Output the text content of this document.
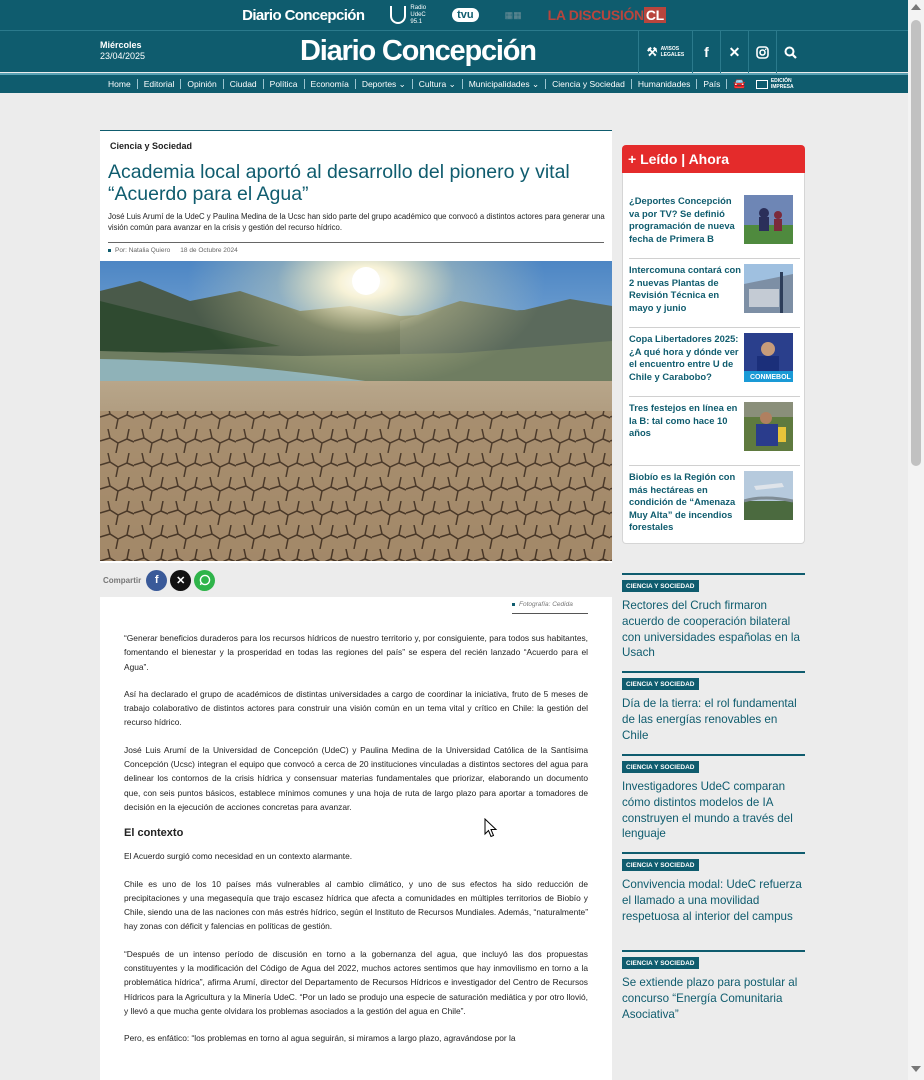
Diario Concepción	Radio
UdeC
95.1
tvu	▦▦ LA DISCUSIÓN CL
Miércoles
23/04/2025	Diario Concepción	⚒ AVISOS
LEGALES	f	✕
Home	Editorial	Opinión	Ciudad	Política	Economía	Deportes ⌄	Cultura ⌄	Municipalidades ⌄	Ciencia y Sociedad	Humanidades	País	🚘	EDICIÓN
IMPRESA
Ciencia y Sociedad
Academia local aportó al desarrollo del pionero y vital “Acuerdo para el Agua”
José Luis Arumí de la UdeC y Paulina Medina de la Ucsc han sido parte del grupo académico que convocó a distintos actores para generar una visión común para avanzar en la crisis y gestión del recurso hídrico.
Por: Natalia Quiero 18 de Octubre 2024
Compartir	f	✕
Fotografía: Cedida

“Generar beneficios duraderos para los recursos hídricos de nuestro territorio y, por consiguiente, para todos sus habitantes, fomentando el bienestar y la prosperidad en todas las regiones del país” se espera del recién lanzado “Acuerdo para el Agua”.

Así ha declarado el grupo de académicos de distintas universidades a cargo de coordinar la iniciativa, fruto de 5 meses de trabajo colaborativo de distintos actores para construir una visión común en un tema vital y crítico en Chile: la gestión del recurso hídrico.

José Luis Arumí de la Universidad de Concepción (UdeC) y Paulina Medina de la Universidad Católica de la Santísima Concepción (Ucsc) integran el equipo que convocó a cerca de 20 instituciones vinculadas a distintos sectores del agua para delinear los contornos de la crisis hídrica y consensuar materias fundamentales que priorizar, elaborando un documento que, con seis puntos básicos, establece mínimos comunes y una hoja de ruta de largo plazo para aportar a tomadores de decisión en la ejecución de acciones concretas para avanzar.

El contexto

El Acuerdo surgió como necesidad en un contexto alarmante.

Chile es uno de los 10 países más vulnerables al cambio climático, y uno de sus efectos ha sido reducción de precipitaciones y una megasequía que trajo escasez hídrica que afecta a comunidades en múltiples territorios de Biobío y Chile, siendo una de las naciones con más estrés hídrico, según el Instituto de Recursos Mundiales. Además, “naturalmente” hay zonas con déficit y falencias en políticas de gestión.

“Después de un intenso período de discusión en torno a la gobernanza del agua, que incluyó las dos propuestas constituyentes y la modificación del Código de Agua del 2022, muchos actores sentimos que hay inmovilismo en torno a la problemática hídrica”, afirma Arumí, director del Departamento de Recursos Hídricos e investigador del Centro de Recursos Hídricos para la Agricultura y la Minería UdeC. “Por un lado se produjo una especie de saturación mediática y por otro llovió, y llevó a que mucha gente olvidara los problemas asociados a la gestión del agua en Chile”.

Pero, es enfático: “los problemas en torno al agua seguirán, si miramos a largo plazo, agravándose por la

+ Leído | Ahora
¿Deportes Concepción va por TV? Se definió programación de nueva fecha de Primera B
Intercomuna contará con 2 nuevas Plantas de Revisión Técnica en mayo y junio
Copa Libertadores 2025: ¿A qué hora y dónde ver el encuentro entre U de Chile y Carabobo?	CONMEBOL
Tres festejos en línea en la B: tal como hace 10 años
Biobío es la Región con más hectáreas en condición de “Amenaza Muy Alta” de incendios forestales
CIENCIA Y SOCIEDAD
Rectores del Cruch firmaron acuerdo de cooperación bilateral con universidades españolas en la Usach
CIENCIA Y SOCIEDAD
Día de la tierra: el rol fundamental de las energías renovables en Chile
CIENCIA Y SOCIEDAD
Investigadores UdeC comparan cómo distintos modelos de IA construyen el mundo a través del lenguaje
CIENCIA Y SOCIEDAD
Convivencia modal: UdeC refuerza el llamado a una movilidad respetuosa al interior del campus
CIENCIA Y SOCIEDAD
Se extiende plazo para postular al concurso “Energía Comunitaria Asociativa”
